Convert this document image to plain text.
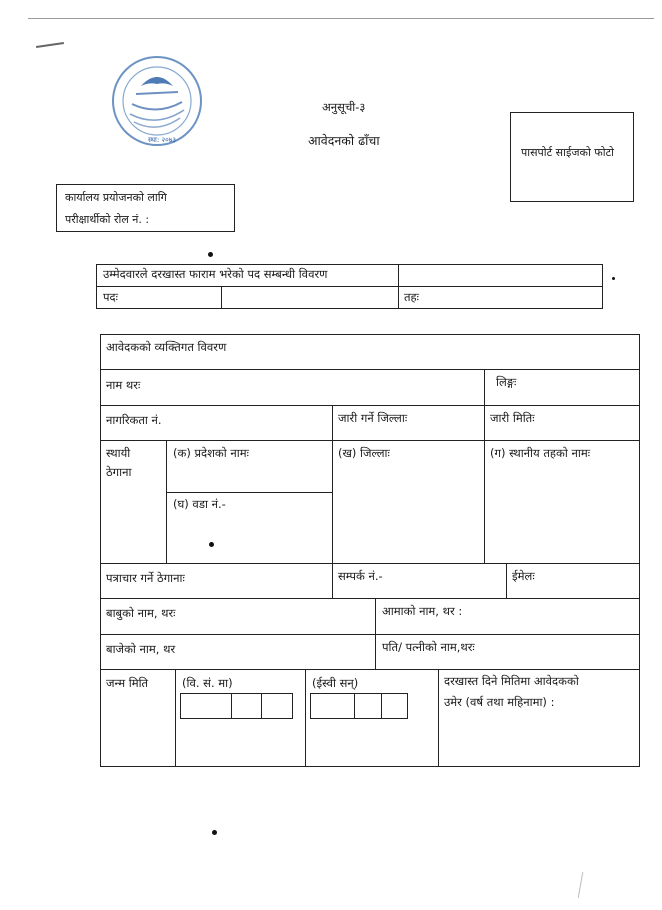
स्था: २०७३
अनुसूची-३
आवेदनको ढाँचा
पासपोर्ट साईजको फोटो
कार्यालय प्रयोजनको लागि
परीक्षार्थीको रोल नं. :
उम्मेदवारले दरखास्त फाराम भरेको पद सम्बन्धी विवरण
पदः	तहः
आवेदकको व्यक्तिगत विवरण
नाम थरः	लिङ्गः
नागरिकता नं.	जारी गर्ने जिल्लाः	जारी मितिः
स्थायी
ठेगाना
(क) प्रदेशको नामः	(ख) जिल्लाः	(ग) स्थानीय तहको नामः
(घ) वडा नं.-
पत्राचार गर्ने ठेगानाः	सम्पर्क नं.-	ईमेलः
बाबुको नाम, थरः	आमाको नाम, थर :
बाजेको नाम, थर	पति/ पत्नीको नाम,थरः
जन्म मिति	(वि. सं. मा)	(ईस्वी सन्)	दरखास्त दिने मितिमा आवेदकको
उमेर (वर्ष तथा महिनामा) :
